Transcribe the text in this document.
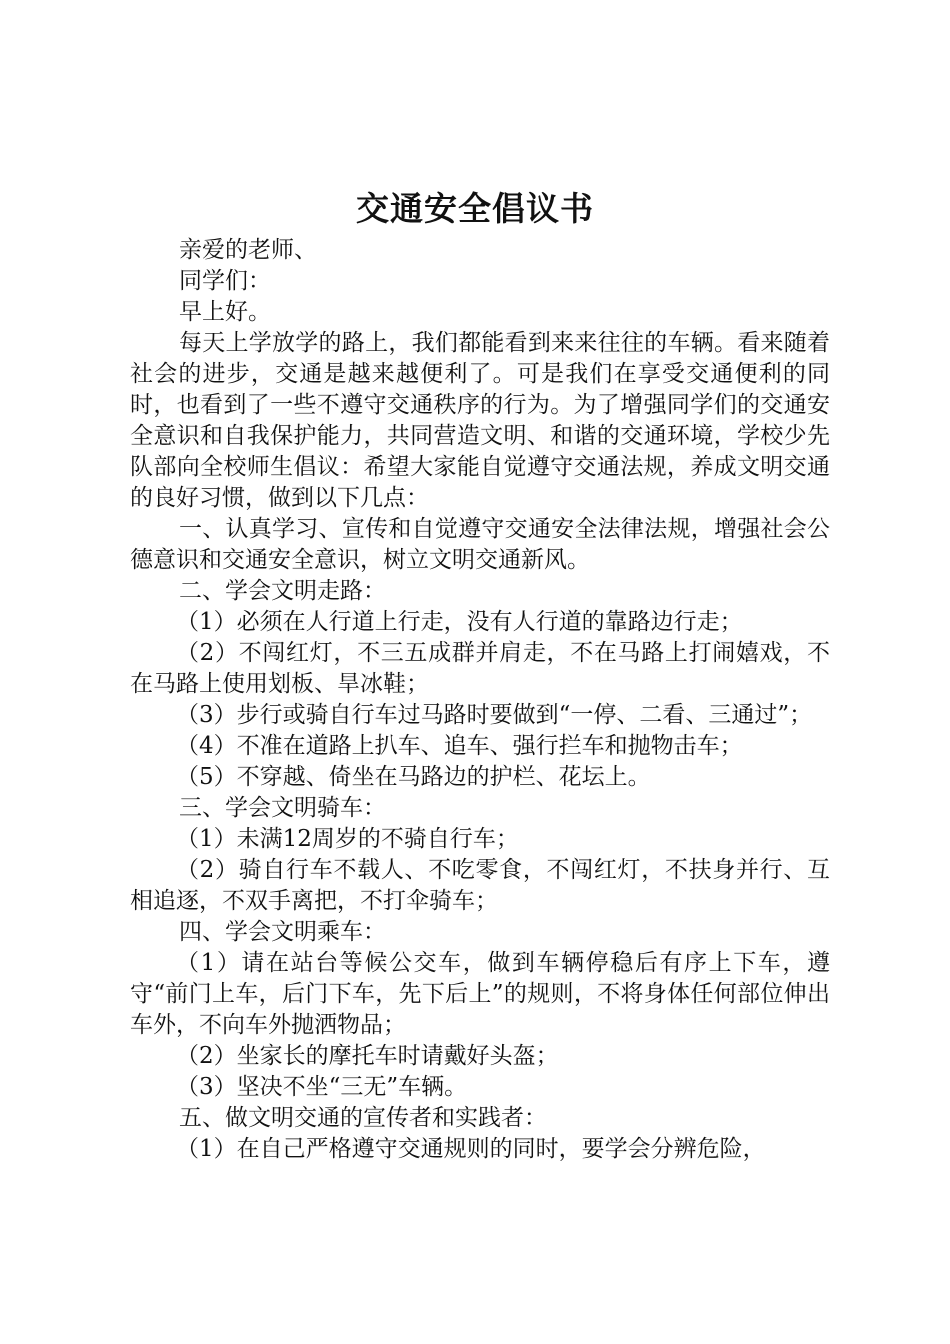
交通安全倡议书

亲爱的老师、

同学们：

早上好。

每天上学放学的路上，我们都能看到来来往往的车辆。看来随着社会的进步，交通是越来越便利了。可是我们在享受交通便利的同时，也看到了一些不遵守交通秩序的行为。为了增强同学们的交通安全意识和自我保护能力，共同营造文明、和谐的交通环境，学校少先队部向全校师生倡议：希望大家能自觉遵守交通法规，养成文明交通的良好习惯，做到以下几点：

一、认真学习、宣传和自觉遵守交通安全法律法规，增强社会公德意识和交通安全意识，树立文明交通新风。

二、学会文明走路：

（1）必须在人行道上行走，没有人行道的靠路边行走；

（2）不闯红灯，不三五成群并肩走，不在马路上打闹嬉戏，不在马路上使用划板、旱冰鞋；

（3）步行或骑自行车过马路时要做到“一停、二看、三通过”；

（4）不准在道路上扒车、追车、强行拦车和抛物击车；

（5）不穿越、倚坐在马路边的护栏、花坛上。

三、学会文明骑车：

（1）未满12周岁的不骑自行车；

（2）骑自行车不载人、不吃零食，不闯红灯，不扶身并行、互相追逐，不双手离把，不打伞骑车；

四、学会文明乘车：

（1）请在站台等候公交车，做到车辆停稳后有序上下车，遵守“前门上车，后门下车，先下后上”的规则，不将身体任何部位伸出车外，不向车外抛洒物品；

（2）坐家长的摩托车时请戴好头盔；

（3）坚决不坐“三无”车辆。

五、做文明交通的宣传者和实践者：

（1）在自己严格遵守交通规则的同时，要学会分辨危险，
